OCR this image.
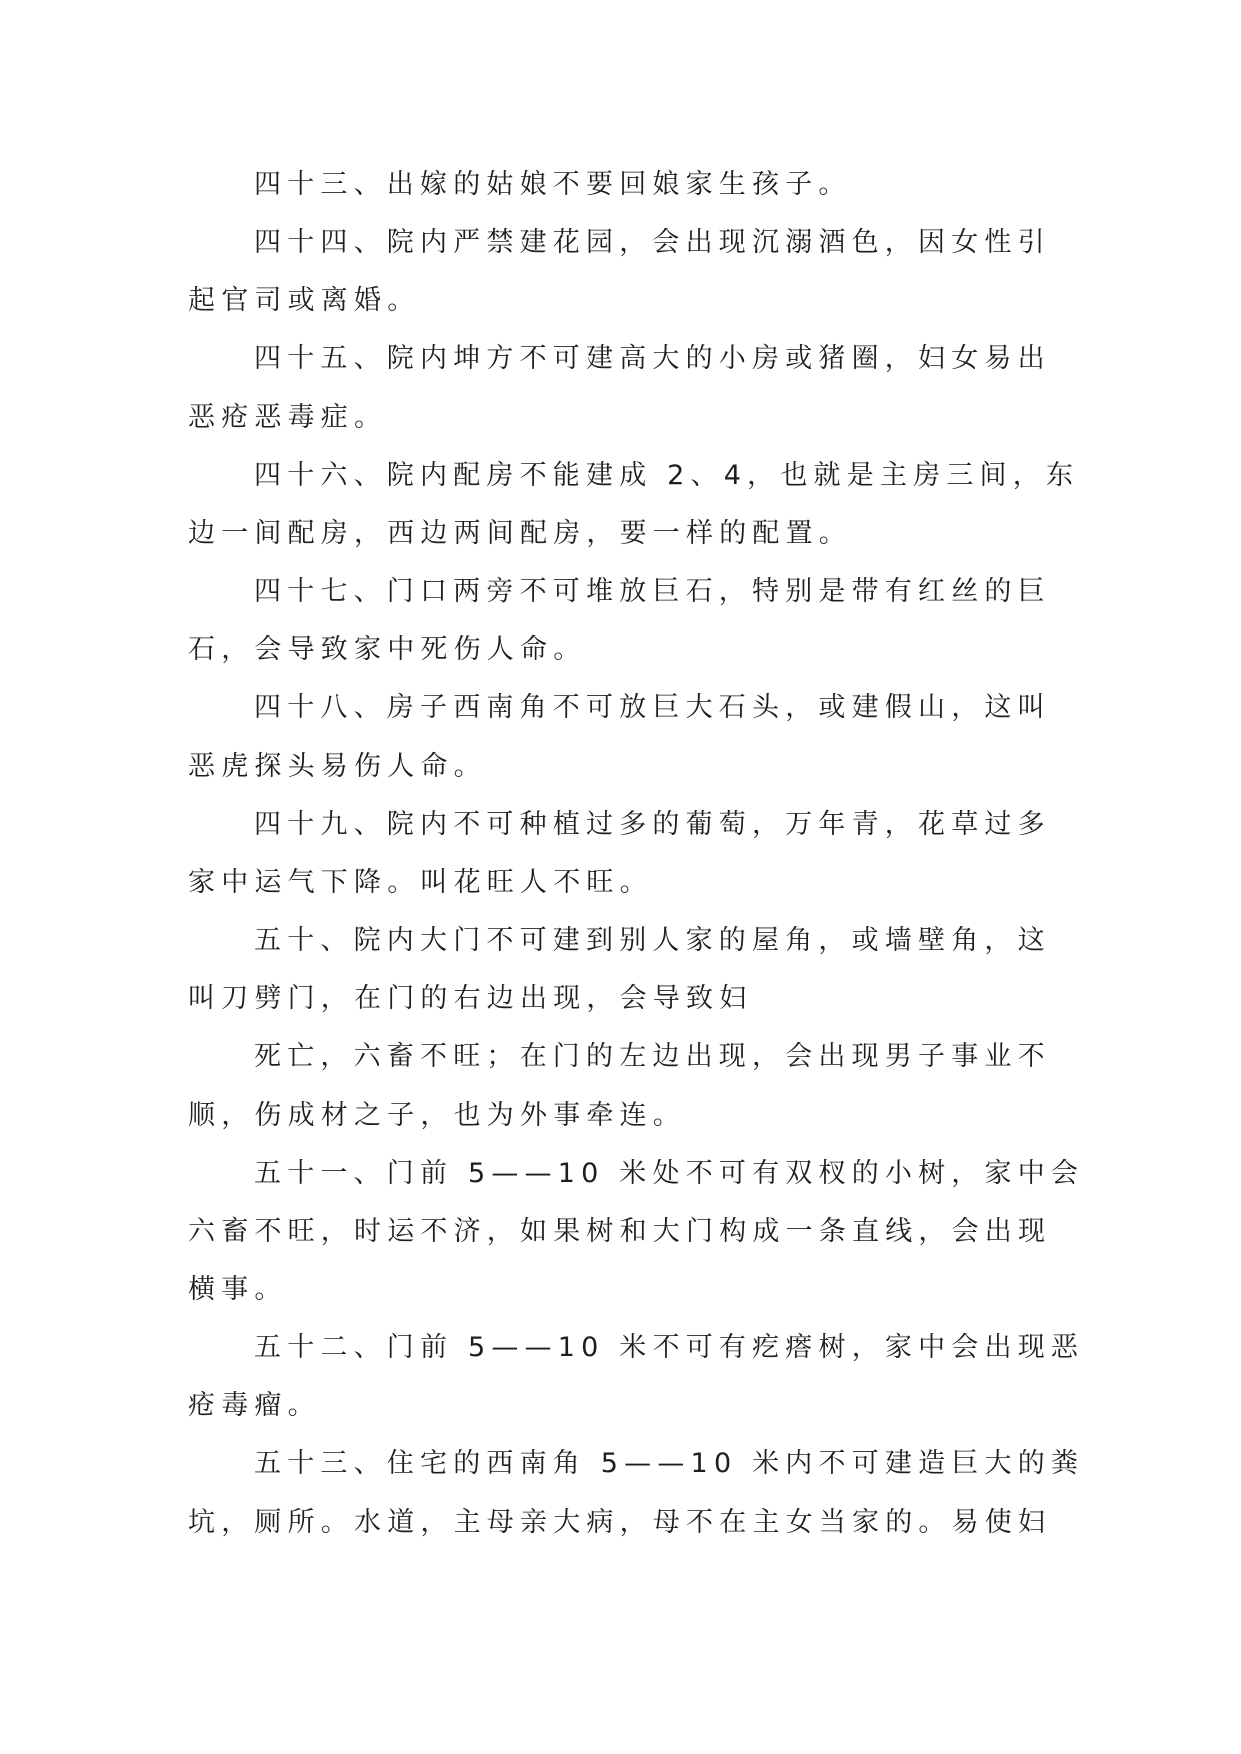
四十三、出嫁的姑娘不要回娘家生孩子。

四十四、院内严禁建花园，会出现沉溺酒色，因女性引
起官司或离婚。

四十五、院内坤方不可建高大的小房或猪圈，妇女易出
恶疮恶毒症。

四十六、院内配房不能建成 2、4，也就是主房三间，东
边一间配房，西边两间配房，要一样的配置。

四十七、门口两旁不可堆放巨石，特别是带有红丝的巨
石，会导致家中死伤人命。

四十八、房子西南角不可放巨大石头，或建假山，这叫
恶虎探头易伤人命。

四十九、院内不可种植过多的葡萄，万年青，花草过多
家中运气下降。叫花旺人不旺。

五十、院内大门不可建到别人家的屋角，或墙壁角，这
叫刀劈门，在门的右边出现，会导致妇

死亡，六畜不旺；在门的左边出现，会出现男子事业不
顺，伤成材之子，也为外事牵连。

五十一、门前 5——10 米处不可有双杈的小树，家中会
六畜不旺，时运不济，如果树和大门构成一条直线，会出现
横事。

五十二、门前 5——10 米不可有疙瘩树，家中会出现恶
疮毒瘤。

五十三、住宅的西南角 5——10 米内不可建造巨大的粪
坑，厕所。水道，主母亲大病，母不在主女当家的。易使妇
